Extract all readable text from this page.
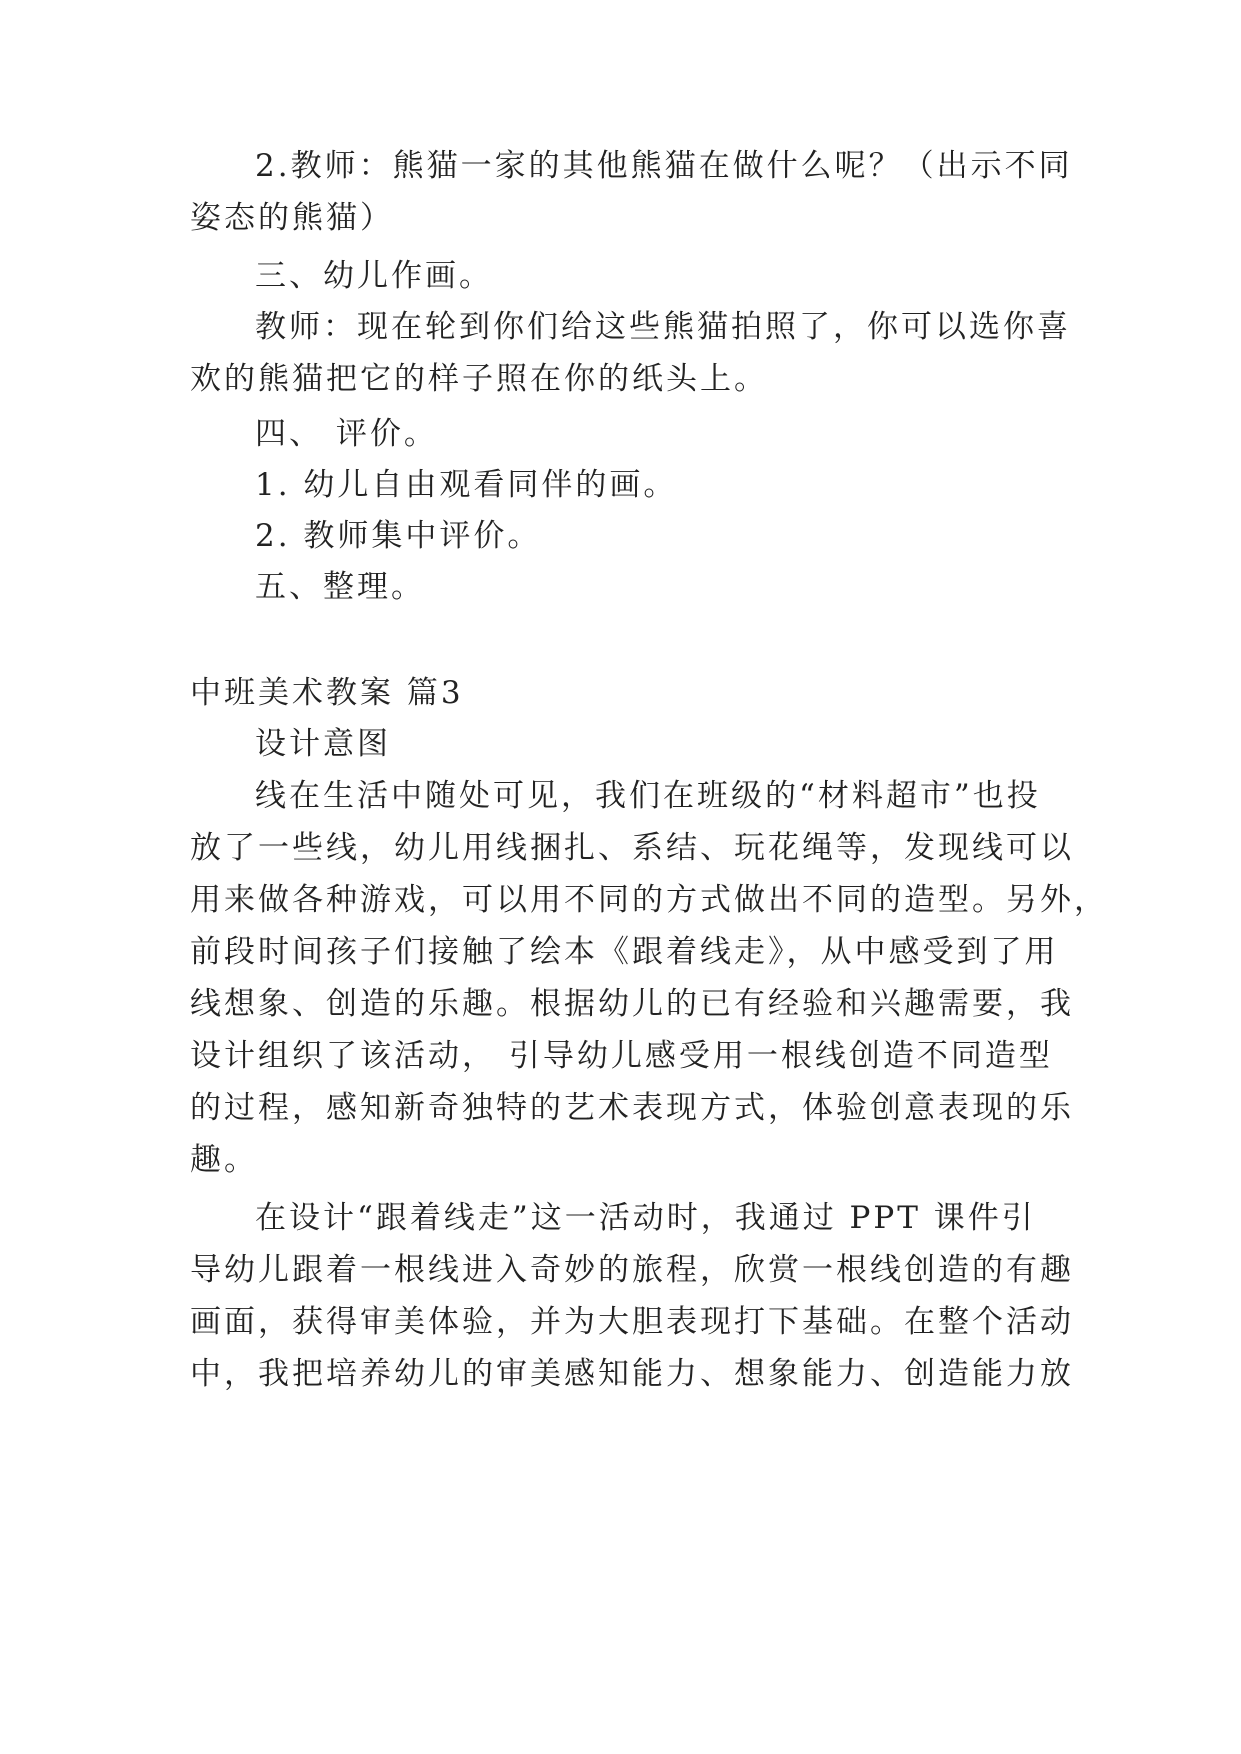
2.教师：熊猫一家的其他熊猫在做什么呢？（出示不同

姿态的熊猫）

三、幼儿作画。

教师：现在轮到你们给这些熊猫拍照了，你可以选你喜

欢的熊猫把它的样子照在你的纸头上。

四、 评价。

1. 幼儿自由观看同伴的画。

2. 教师集中评价。

五、整理。

中班美术教案 篇3

设计意图

线在生活中随处可见，我们在班级的“材料超市”也投

放了一些线，幼儿用线捆扎、系结、玩花绳等，发现线可以

用来做各种游戏，可以用不同的方式做出不同的造型。另外，

前段时间孩子们接触了绘本《跟着线走》，从中感受到了用

线想象、创造的乐趣。根据幼儿的已有经验和兴趣需要，我

设计组织了该活动， 引导幼儿感受用一根线创造不同造型

的过程，感知新奇独特的艺术表现方式，体验创意表现的乐

趣。

在设计“跟着线走”这一活动时，我通过 PPT 课件引

导幼儿跟着一根线进入奇妙的旅程，欣赏一根线创造的有趣

画面，获得审美体验，并为大胆表现打下基础。在整个活动

中，我把培养幼儿的审美感知能力、想象能力、创造能力放
